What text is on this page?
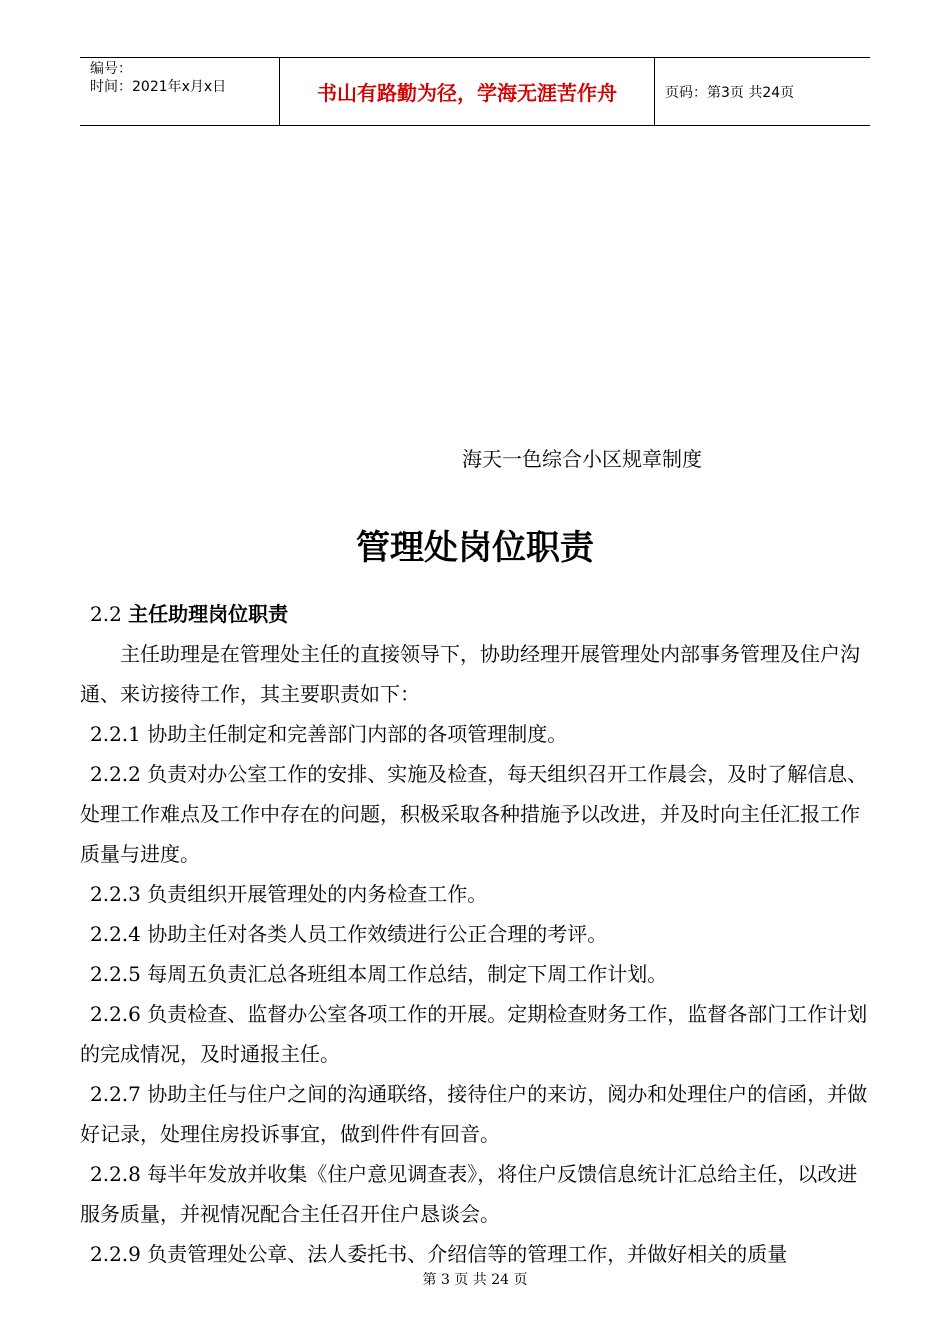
编号：
时间：2021年x月x日	书山有路勤为径，学海无涯苦作舟	页码：第3页 共24页
海天一色综合小区规章制度
管理处岗位职责

2.2 主任助理岗位职责

主任助理是在管理处主任的直接领导下，协助经理开展管理处内部事务管理及住户沟通、来访接待工作，其主要职责如下：

2.2.1 协助主任制定和完善部门内部的各项管理制度。

2.2.2 负责对办公室工作的安排、实施及检查，每天组织召开工作晨会，及时了解信息、处理工作难点及工作中存在的问题，积极采取各种措施予以改进，并及时向主任汇报工作质量与进度。

2.2.3 负责组织开展管理处的内务检查工作。

2.2.4 协助主任对各类人员工作效绩进行公正合理的考评。

2.2.5 每周五负责汇总各班组本周工作总结，制定下周工作计划。

2.2.6 负责检查、监督办公室各项工作的开展。定期检查财务工作，监督各部门工作计划的完成情况，及时通报主任。

2.2.7 协助主任与住户之间的沟通联络，接待住户的来访，阅办和处理住户的信函，并做好记录，处理住房投诉事宜，做到件件有回音。

2.2.8 每半年发放并收集《住户意见调查表》，将住户反馈信息统计汇总给主任，以改进服务质量，并视情况配合主任召开住户恳谈会。

2.2.9 负责管理处公章、法人委托书、介绍信等的管理工作，并做好相关的质量

第 3 页 共 24 页
